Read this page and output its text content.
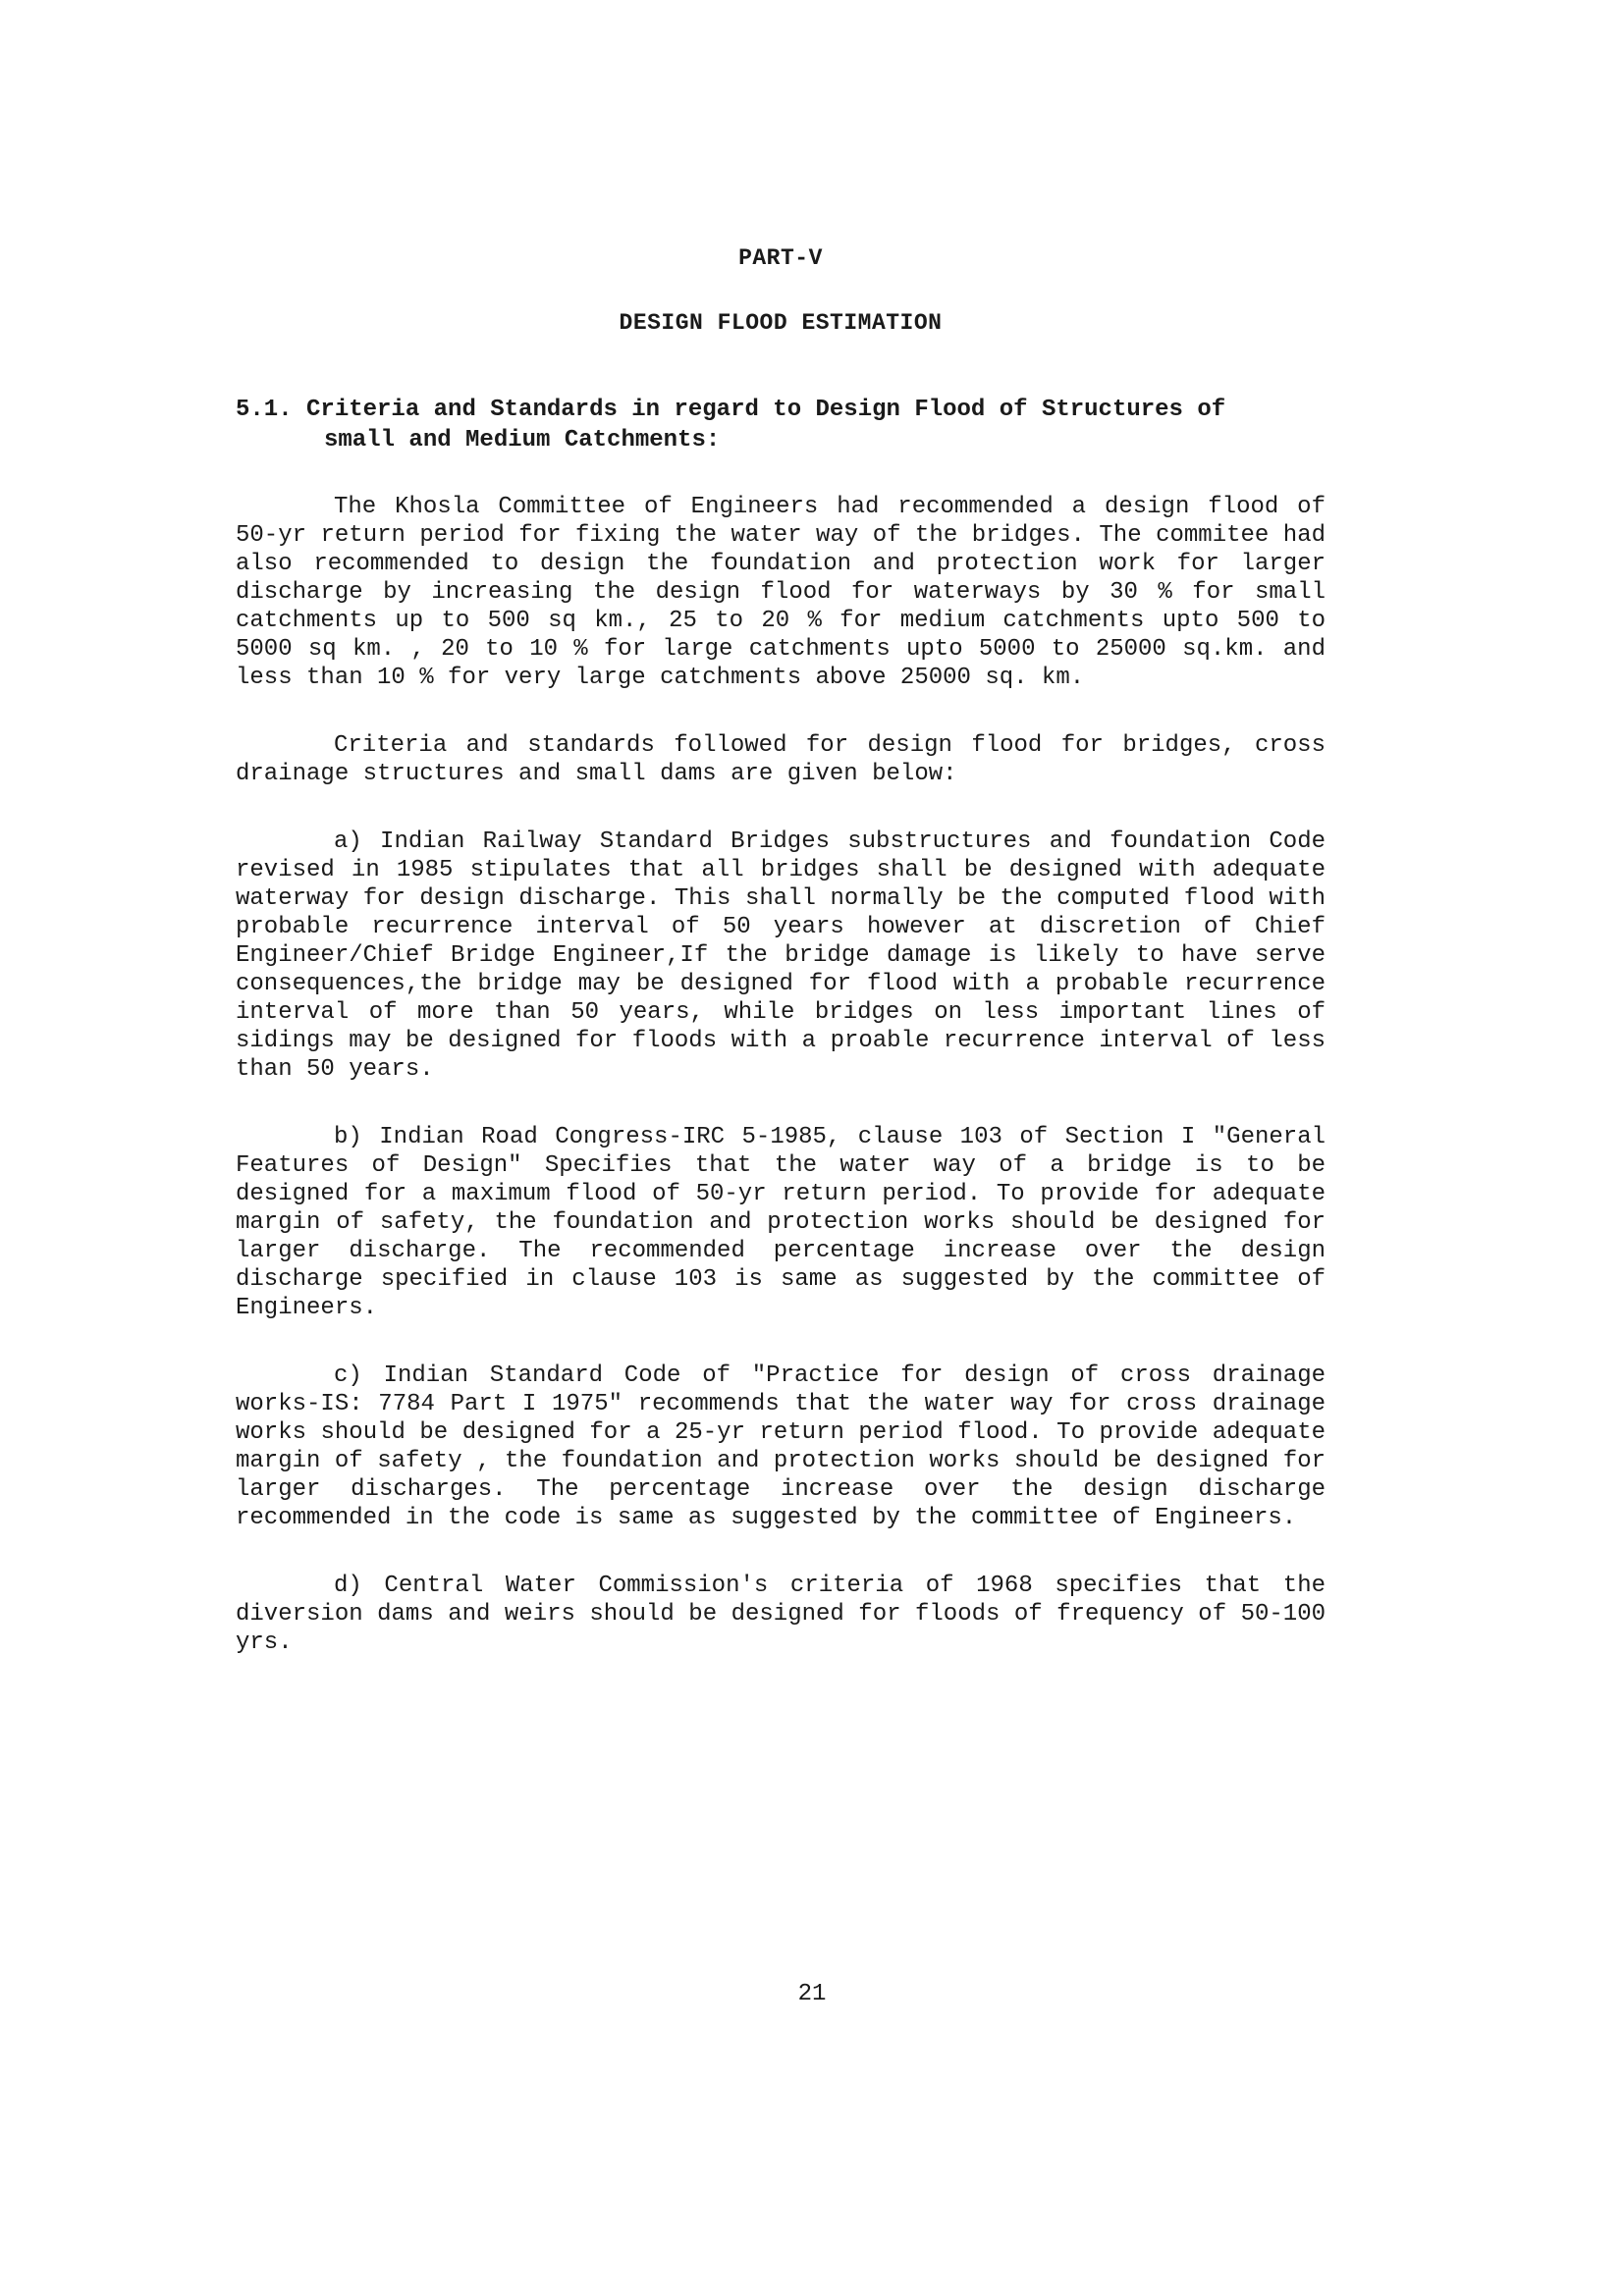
PART-V
DESIGN FLOOD ESTIMATION
5.1. Criteria and Standards in regard to Design Flood of Structures of small and Medium Catchments:

The Khosla Committee of Engineers had recommended a design flood of 50-yr return period for fixing the water way of the bridges. The commitee had also recommended to design the foundation and protection work for larger discharge by increasing the design flood for waterways by 30 % for small catchments up to 500 sq km., 25 to 20 % for medium catchments upto 500 to 5000 sq km. , 20 to 10 % for large catchments upto 5000 to 25000 sq.km. and less than 10 % for very large catchments above 25000 sq. km.

Criteria and standards followed for design flood for bridges, cross drainage structures and small dams are given below:

a) Indian Railway Standard Bridges substructures and foundation Code revised in 1985 stipulates that all bridges shall be designed with adequate waterway for design discharge. This shall normally be the computed flood with probable recurrence interval of 50 years however at discretion of Chief Engineer/Chief Bridge Engineer,If the bridge damage is likely to have serve consequences,the bridge may be designed for flood with a probable recurrence interval of more than 50 years, while bridges on less important lines of sidings may be designed for floods with a proable recurrence interval of less than 50 years.

b) Indian Road Congress-IRC 5-1985, clause 103 of Section I "General Features of Design" Specifies that the water way of a bridge is to be designed for a maximum flood of 50-yr return period. To provide for adequate margin of safety, the foundation and protection works should be designed for larger discharge. The recommended percentage increase over the design discharge specified in clause 103 is same as suggested by the committee of Engineers.

c) Indian Standard Code of "Practice for design of cross drainage works-IS: 7784 Part I 1975" recommends that the water way for cross drainage works should be designed for a 25-yr return period flood. To provide adequate margin of safety , the foundation and protection works should be designed for larger discharges. The percentage increase over the design discharge recommended in the code is same as suggested by the committee of Engineers.

d) Central Water Commission's criteria of 1968 specifies that the diversion dams and weirs should be designed for floods of frequency of 50-100 yrs.

21
